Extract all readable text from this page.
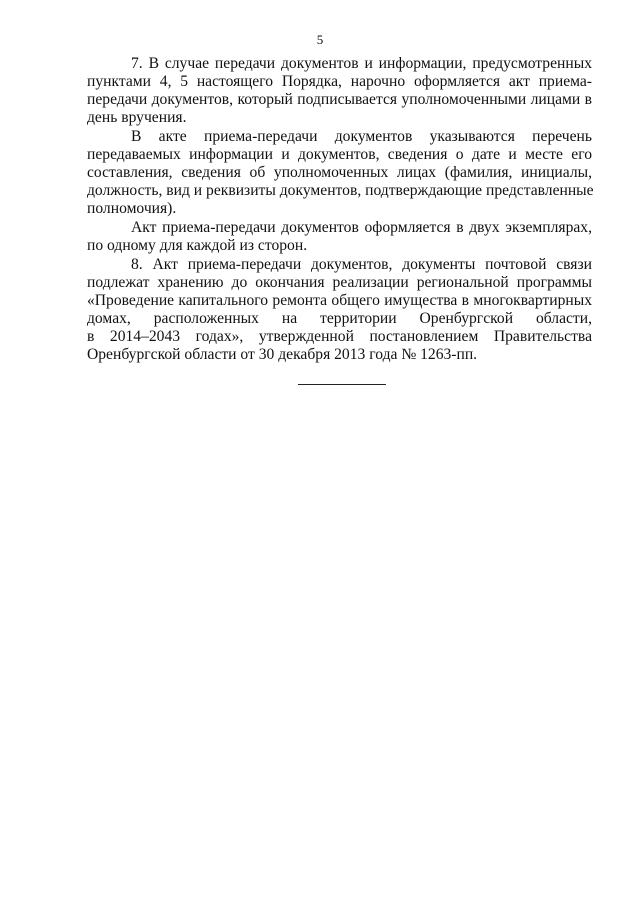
5
7. В случае передачи документов и информации, предусмотренных
пунктами 4, 5 настоящего Порядка, нарочно оформляется акт приема-
передачи документов, который подписывается уполномоченными лицами в
день вручения.
В акте приема-передачи документов указываются перечень
передаваемых информации и документов, сведения о дате и месте его
составления, сведения об уполномоченных лицах (фамилия, инициалы,
должность, вид и реквизиты документов, подтверждающие представленные
полномочия).
Акт приема-передачи документов оформляется в двух экземплярах,
по одному для каждой из сторон.
8. Акт приема-передачи документов, документы почтовой связи
подлежат хранению до окончания реализации региональной программы
«Проведение капитального ремонта общего имущества в многоквартирных
домах, расположенных на территории Оренбургской области,
в 2014–2043 годах», утвержденной постановлением Правительства
Оренбургской области от 30 декабря 2013 года № 1263-пп.
